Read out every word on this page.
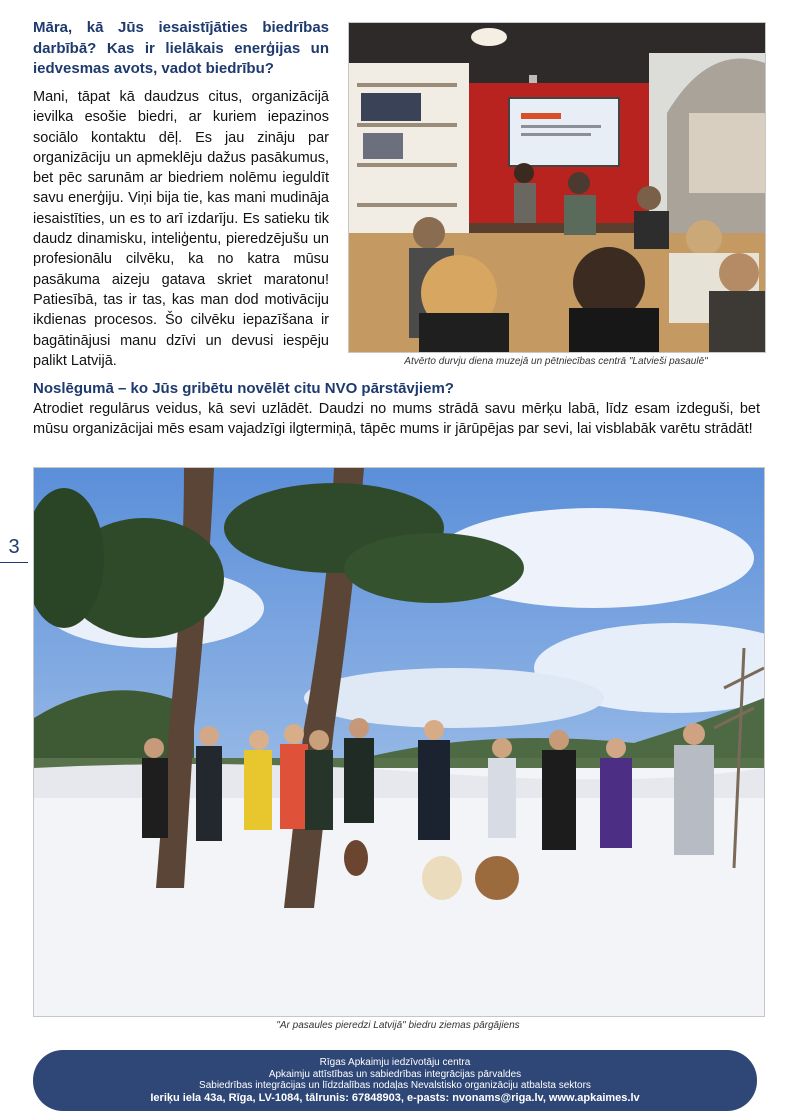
Māra, kā Jūs iesaistījāties biedrības darbībā? Kas ir lielākais enerģijas un iedvesmas avots, vadot biedrību?

Mani, tāpat kā daudzus citus, organizācijā ievilka esošie biedri, ar kuriem iepazinos sociālo kontaktu dēļ. Es jau zināju par organizāciju un apmeklēju dažus pasākumus, bet pēc sarunām ar biedriem nolēmu ieguldīt savu enerģiju. Viņi bija tie, kas mani mudināja iesaistīties, un es to arī izdarīju. Es satieku tik daudz dinamisku, inteliģentu, pieredzējušu un profesionālu cilvēku, ka no katra mūsu pasākuma aizeju gatava skriet maratonu! Patiesībā, tas ir tas, kas man dod motivāciju ikdienas procesos. Šo cilvēku iepazīšana ir bagātinājusi manu dzīvi un devusi iespēju palikt Latvijā.	Atvērto durvju diena muzejā un pētniecības centrā "Latvieši pasaulē"

Noslēgumā – ko Jūs gribētu novēlēt citu NVO pārstāvjiem?

Atrodiet regulārus veidus, kā sevi uzlādēt. Daudzi no mums strādā savu mērķu labā, līdz esam izdeguši, bet mūsu organizācijai mēs esam vajadzīgi ilgtermiņā, tāpēc mums ir jārūpējas par sevi, lai visblabāk varētu strādāt!

3

"Ar pasaules pieredzi Latvijā" biedru ziemas pārgājiens

Rīgas Apkaimju iedzīvotāju centra
Apkaimju attīstības un sabiedrības integrācijas pārvaldes
Sabiedrības integrācijas un līdzdalības nodaļas Nevalstisko organizāciju atbalsta sektors
Ieriķu iela 43a, Rīga, LV-1084, tālrunis: 67848903, e-pasts: nvonams@riga.lv, www.apkaimes.lv
